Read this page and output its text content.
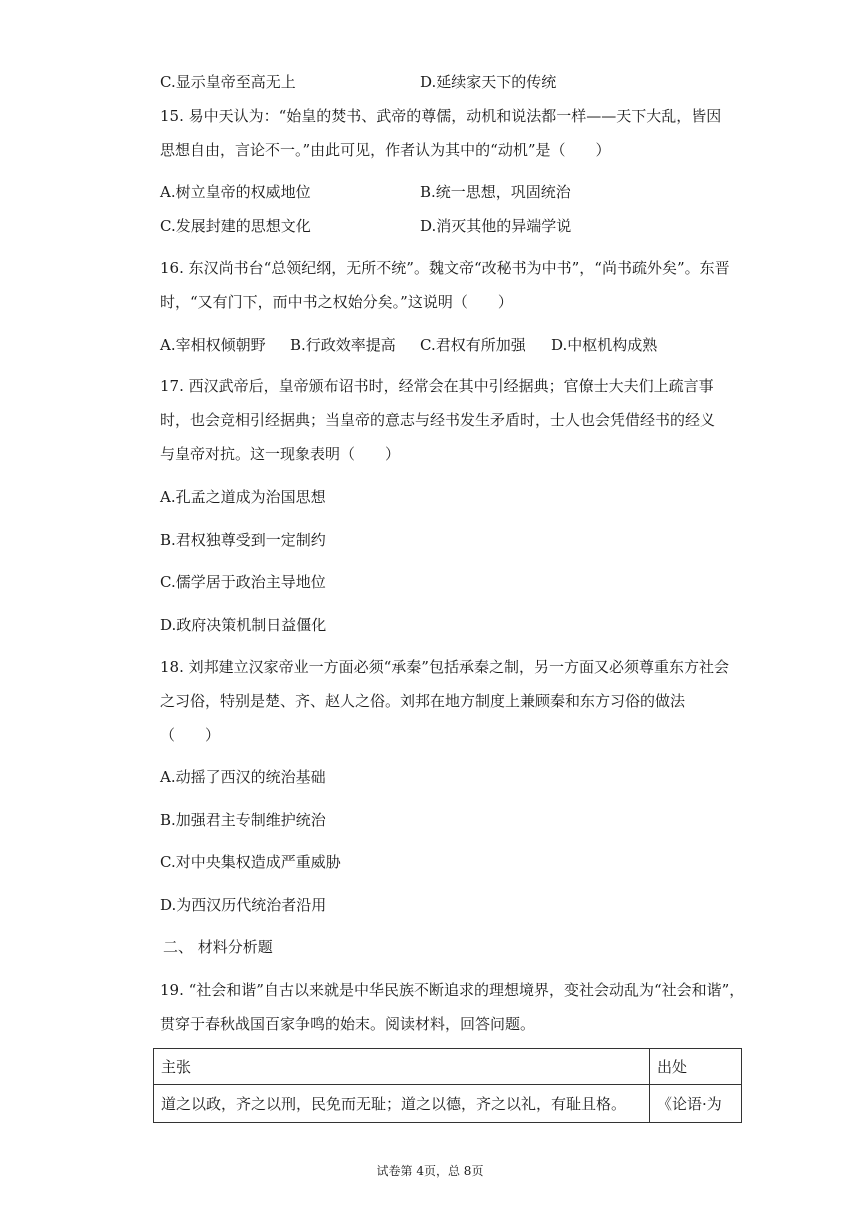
C.显示皇帝至高无上	D.延续家天下的传统
15. 易中天认为：“始皇的焚书、武帝的尊儒，动机和说法都一样——天下大乱，皆因
思想自由，言论不一。”由此可见，作者认为其中的“动机”是（　　）
A.树立皇帝的权威地位	B.统一思想，巩固统治
C.发展封建的思想文化	D.消灭其他的异端学说
16. 东汉尚书台“总领纪纲，无所不统”。魏文帝“改秘书为中书”，“尚书疏外矣”。东晋
时，“又有门下，而中书之权始分矣。”这说明（　　）
A.宰相权倾朝野 B.行政效率提高 C.君权有所加强 D.中枢机构成熟
17. 西汉武帝后，皇帝颁布诏书时，经常会在其中引经据典；官僚士大夫们上疏言事
时，也会竞相引经据典；当皇帝的意志与经书发生矛盾时，士人也会凭借经书的经义
与皇帝对抗。这一现象表明（　　）
A.孔孟之道成为治国思想
B.君权独尊受到一定制约
C.儒学居于政治主导地位
D.政府决策机制日益僵化
18. 刘邦建立汉家帝业一方面必须“承秦”包括承秦之制，另一方面又必须尊重东方社会
之习俗，特别是楚、齐、赵人之俗。刘邦在地方制度上兼顾秦和东方习俗的做法
（　　）
A.动摇了西汉的统治基础
B.加强君主专制维护统治
C.对中央集权造成严重威胁
D.为西汉历代统治者沿用
二、 材料分析题
19. “社会和谐”自古以来就是中华民族不断追求的理想境界，变社会动乱为“社会和谐”，
贯穿于春秋战国百家争鸣的始末。阅读材料，回答问题。
主张	出处
道之以政，齐之以刑，民免而无耻；道之以德，齐之以礼，有耻且格。	《论语·为
试卷第 4页，总 8页
